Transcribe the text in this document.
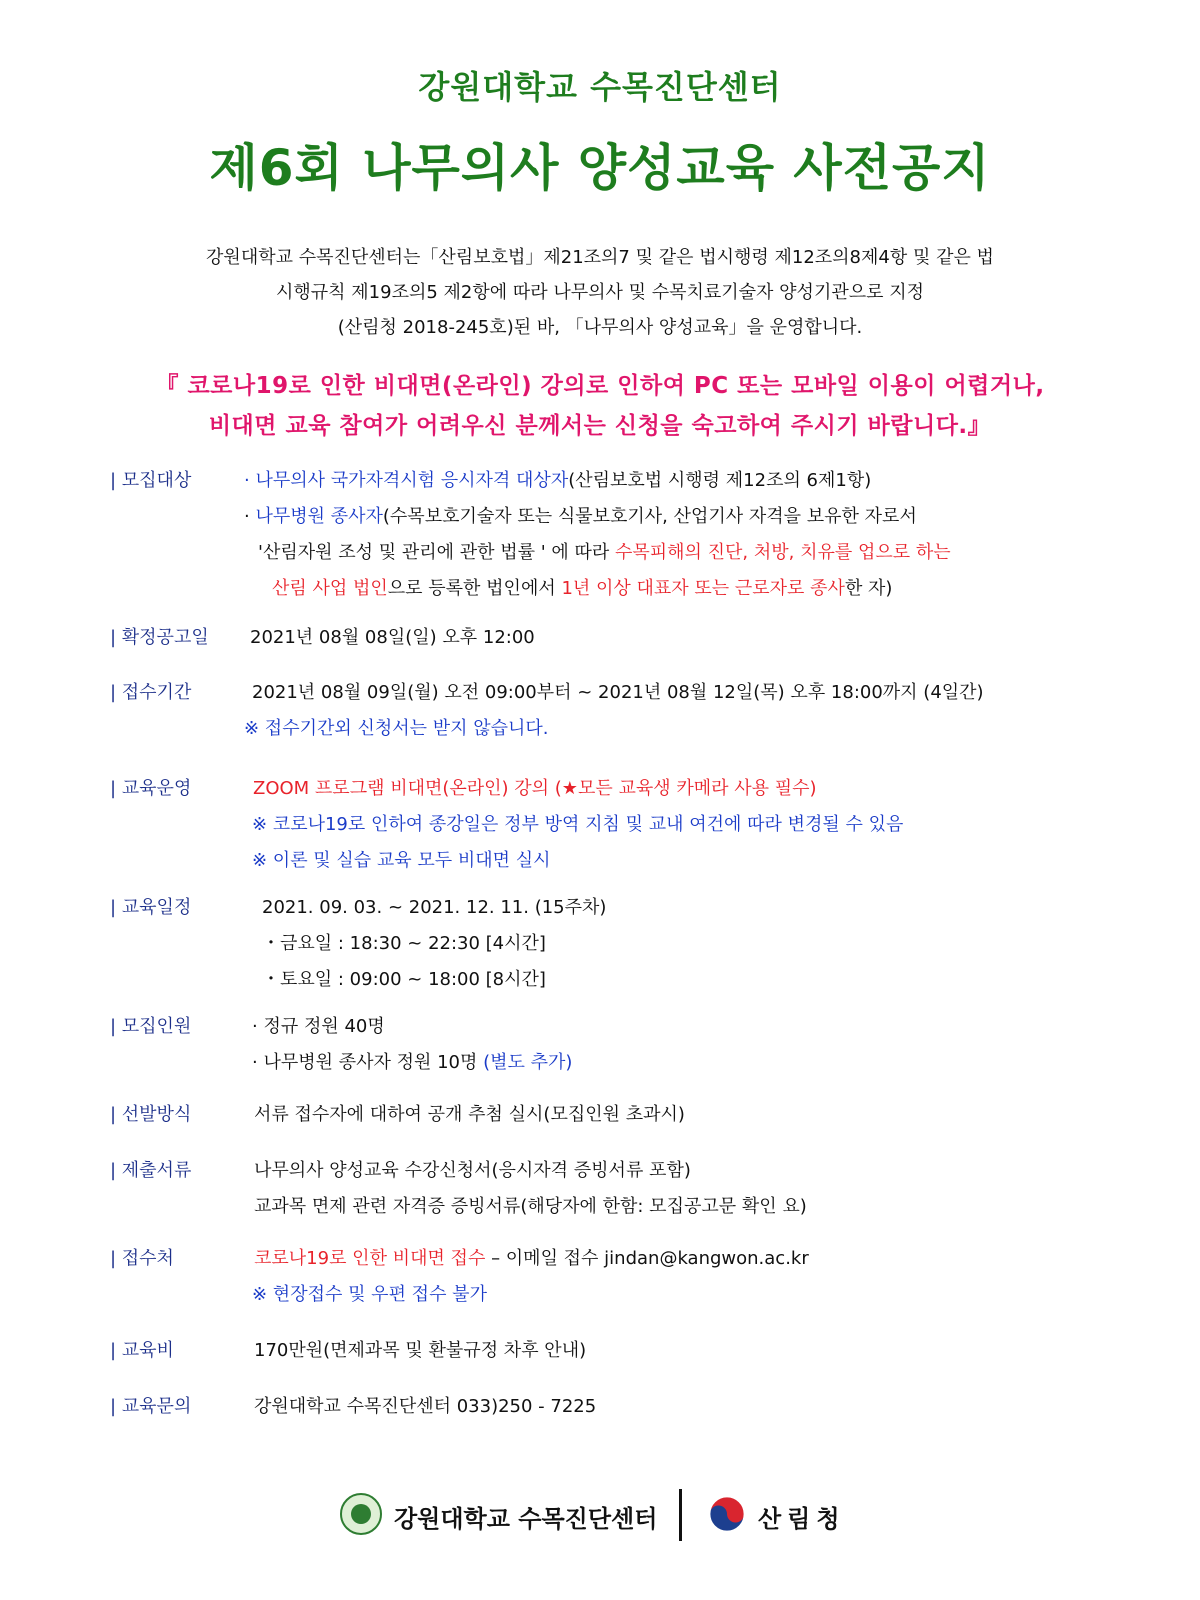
강원대학교 수목진단센터
제6회 나무의사 양성교육 사전공지
강원대학교 수목진단센터는「산림보호법」제21조의7 및 같은 법시행령 제12조의8제4항 및 같은 법
시행규칙 제19조의5 제2항에 따라 나무의사 및 수목치료기술자 양성기관으로 지정
(산림청 2018-245호)된 바, 「나무의사 양성교육」을 운영합니다.
『 코로나19로 인한 비대면(온라인) 강의로 인하여 PC 또는 모바일 이용이 어렵거나,
비대면 교육 참여가 어려우신 분께서는 신청을 숙고하여 주시기 바랍니다.』
| 모집대상	· 나무의사 국가자격시험 응시자격 대상자(산림보호법 시행령 제12조의 6제1항)
· 나무병원 종사자(수목보호기술자 또는 식물보호기사, 산업기사 자격을 보유한 자로서
'산림자원 조성 및 관리에 관한 법률 ' 에 따라 수목피해의 진단, 처방, 치유를 업으로 하는
산림 사업 법인으로 등록한 법인에서 1년 이상 대표자 또는 근로자로 종사한 자)
| 확정공고일 2021년 08월 08일(일) 오후 12:00
| 접수기간	2021년 08월 09일(월) 오전 09:00부터 ~ 2021년 08월 12일(목) 오후 18:00까지 (4일간)
※ 접수기간외 신청서는 받지 않습니다.
| 교육운영	ZOOM 프로그램 비대면(온라인) 강의 (★모든 교육생 카메라 사용 필수)
※ 코로나19로 인하여 종강일은 정부 방역 지침 및 교내 여건에 따라 변경될 수 있음
※ 이론 및 실습 교육 모두 비대면 실시
| 교육일정	2021. 09. 03. ~ 2021. 12. 11. (15주차)
・금요일 : 18:30 ~ 22:30 [4시간]
・토요일 : 09:00 ~ 18:00 [8시간]
| 모집인원	· 정규 정원 40명
· 나무병원 종사자 정원 10명 (별도 추가)
| 선발방식	서류 접수자에 대하여 공개 추첨 실시(모집인원 초과시)
| 제출서류	나무의사 양성교육 수강신청서(응시자격 증빙서류 포함)
교과목 면제 관련 자격증 증빙서류(해당자에 한함: 모집공고문 확인 요)
| 접수처	코로나19로 인한 비대면 접수 – 이메일 접수 jindan@kangwon.ac.kr
※ 현장접수 및 우편 접수 불가
| 교육비	170만원(면제과목 및 환불규정 차후 안내)
| 교육문의	강원대학교 수목진단센터 033)250 - 7225
강원대학교 수목진단센터	산림청
